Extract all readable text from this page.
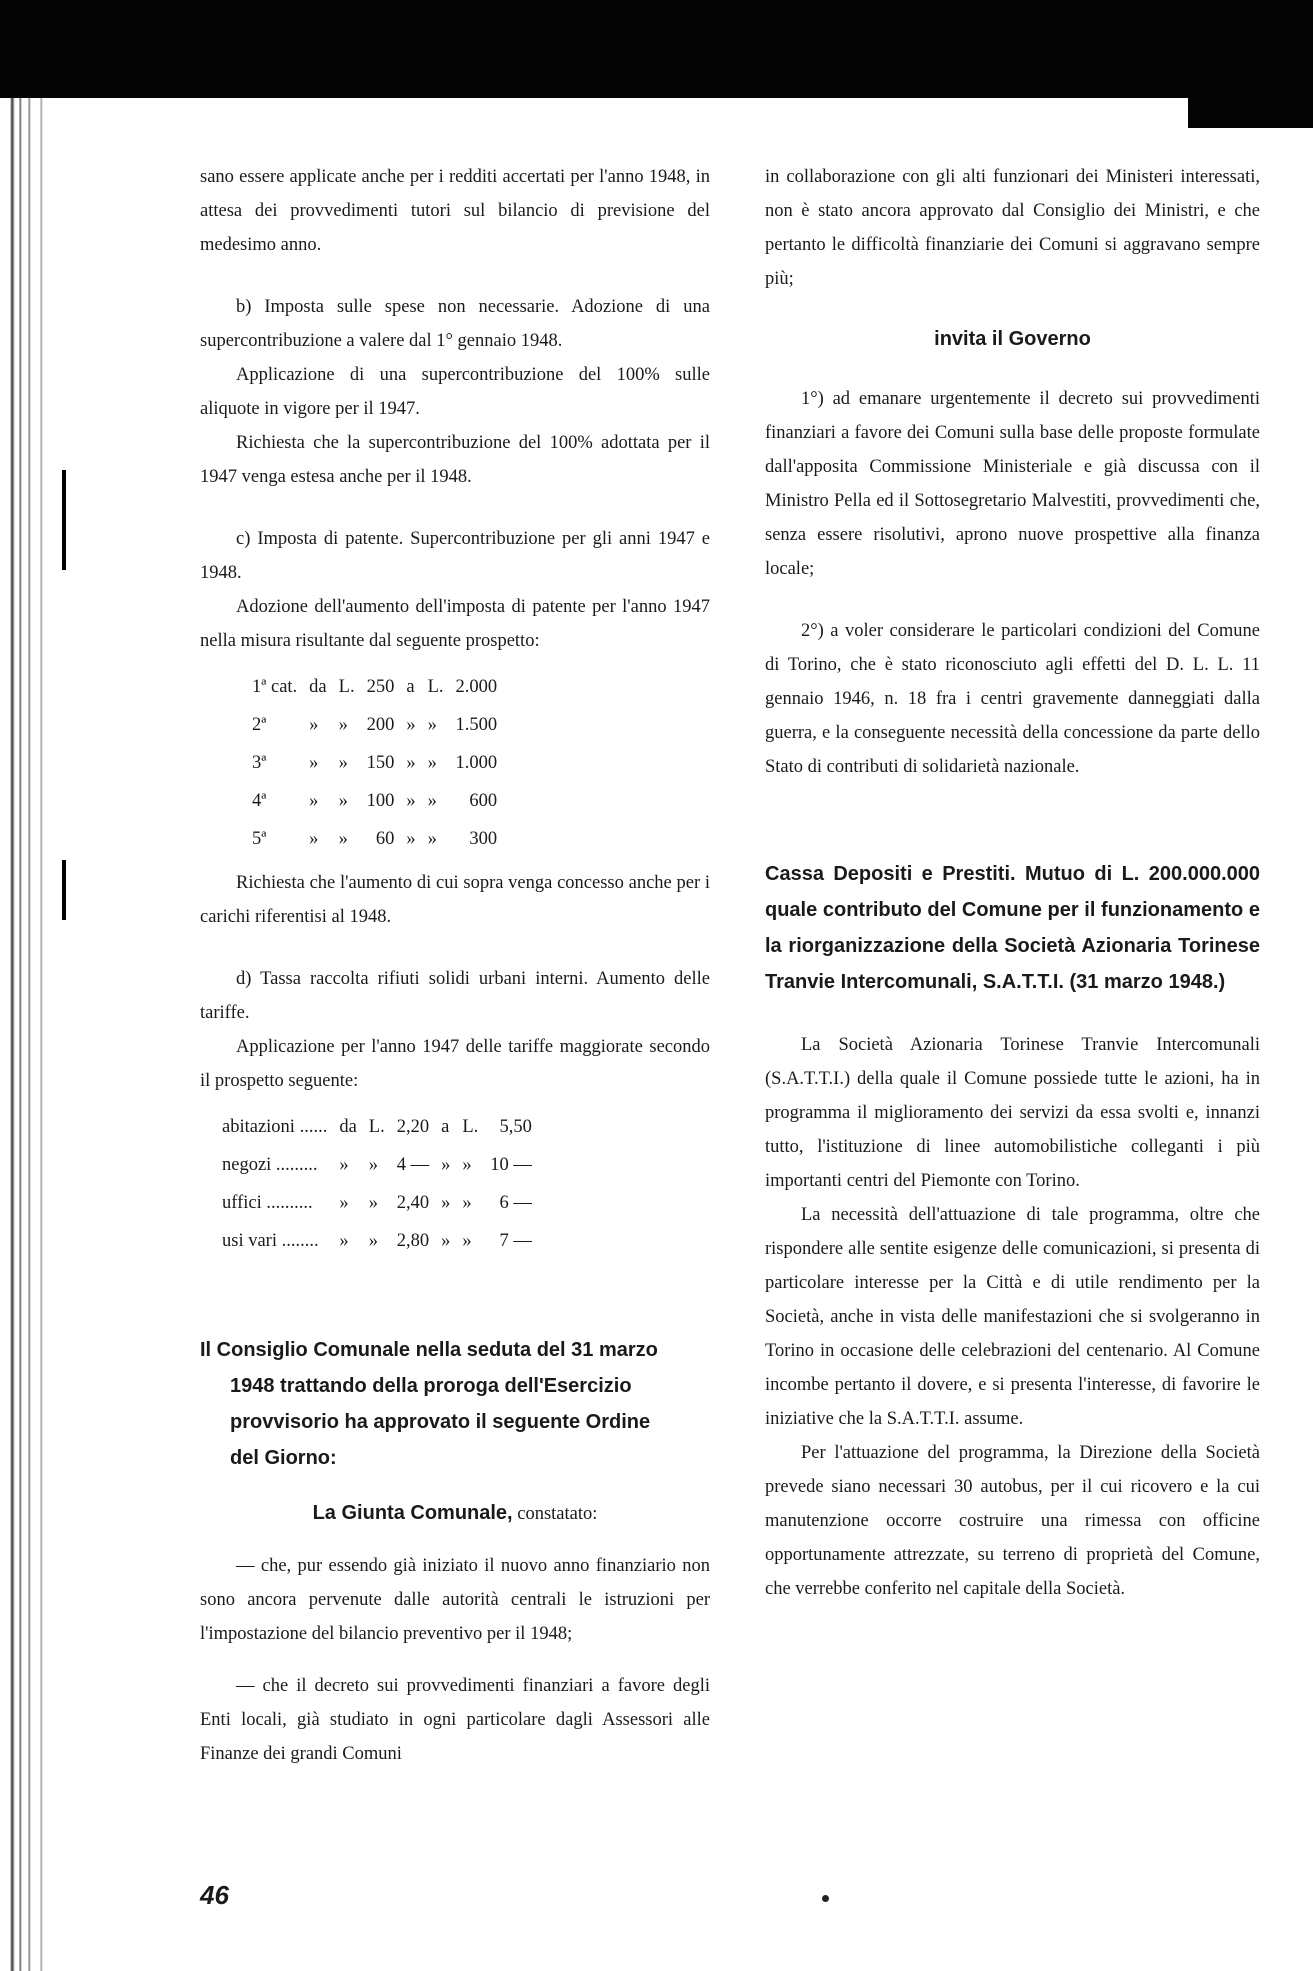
sano essere applicate anche per i redditi accertati per l'anno 1948, in attesa dei provvedimenti tutori sul bilancio di previsione del medesimo anno.

b) Imposta sulle spese non necessarie. Adozione di una supercontribuzione a valere dal 1° gennaio 1948.

Applicazione di una supercontribuzione del 100% sulle aliquote in vigore per il 1947.

Richiesta che la supercontribuzione del 100% adottata per il 1947 venga estesa anche per il 1948.

c) Imposta di patente. Supercontribuzione per gli anni 1947 e 1948.

Adozione dell'aumento dell'imposta di patente per l'anno 1947 nella misura risultante dal seguente prospetto:

1ª cat.	da	L.	250	a	L.	2.000
2ª	»	»	200	»	»	1.500
3ª	»	»	150	»	»	1.000
4ª	»	»	100	»	»	600
5ª	»	»	60	»	»	300

Richiesta che l'aumento di cui sopra venga concesso anche per i carichi riferentisi al 1948.

d) Tassa raccolta rifiuti solidi urbani interni. Aumento delle tariffe.

Applicazione per l'anno 1947 delle tariffe maggiorate secondo il prospetto seguente:

abitazioni ......	da	L.	2,20	a	L.	5,50
negozi .........	»	»	4 —	»	»	10 —
uffici ..........	»	»	2,40	»	»	6 —
usi vari ........	»	»	2,80	»	»	7 —
Il Consiglio Comunale nella seduta del 31 marzo
1948 trattando della proroga dell'Esercizio
provvisorio ha approvato il seguente Ordine
del Giorno:

La Giunta Comunale, constatato:

— che, pur essendo già iniziato il nuovo anno finanziario non sono ancora pervenute dalle autorità centrali le istruzioni per l'impostazione del bilancio preventivo per il 1948;

— che il decreto sui provvedimenti finanziari a favore degli Enti locali, già studiato in ogni particolare dagli Assessori alle Finanze dei grandi Comuni

in collaborazione con gli alti funzionari dei Ministeri interessati, non è stato ancora approvato dal Consiglio dei Ministri, e che pertanto le difficoltà finanziarie dei Comuni si aggravano sempre più;

invita il Governo

1°) ad emanare urgentemente il decreto sui provvedimenti finanziari a favore dei Comuni sulla base delle proposte formulate dall'apposita Commissione Ministeriale e già discussa con il Ministro Pella ed il Sottosegretario Malvestiti, provvedimenti che, senza essere risolutivi, aprono nuove prospettive alla finanza locale;

2°) a voler considerare le particolari condizioni del Comune di Torino, che è stato riconosciuto agli effetti del D. L. L. 11 gennaio 1946, n. 18 fra i centri gravemente danneggiati dalla guerra, e la conseguente necessità della concessione da parte dello Stato di contributi di solidarietà nazionale.

Cassa Depositi e Prestiti. Mutuo di L. 200.000.000 quale contributo del Comune per il funzionamento e la riorganizzazione della Società Azionaria Torinese Tranvie Intercomunali, S.A.T.T.I. (31 marzo 1948.)

La Società Azionaria Torinese Tranvie Intercomunali (S.A.T.T.I.) della quale il Comune possiede tutte le azioni, ha in programma il miglioramento dei servizi da essa svolti e, innanzi tutto, l'istituzione di linee automobilistiche colleganti i più importanti centri del Piemonte con Torino.

La necessità dell'attuazione di tale programma, oltre che rispondere alle sentite esigenze delle comunicazioni, si presenta di particolare interesse per la Città e di utile rendimento per la Società, anche in vista delle manifestazioni che si svolgeranno in Torino in occasione delle celebrazioni del centenario. Al Comune incombe pertanto il dovere, e si presenta l'interesse, di favorire le iniziative che la S.A.T.T.I. assume.

Per l'attuazione del programma, la Direzione della Società prevede siano necessari 30 autobus, per il cui ricovero e la cui manutenzione occorre costruire una rimessa con officine opportunamente attrezzate, su terreno di proprietà del Comune, che verrebbe conferito nel capitale della Società.

46
